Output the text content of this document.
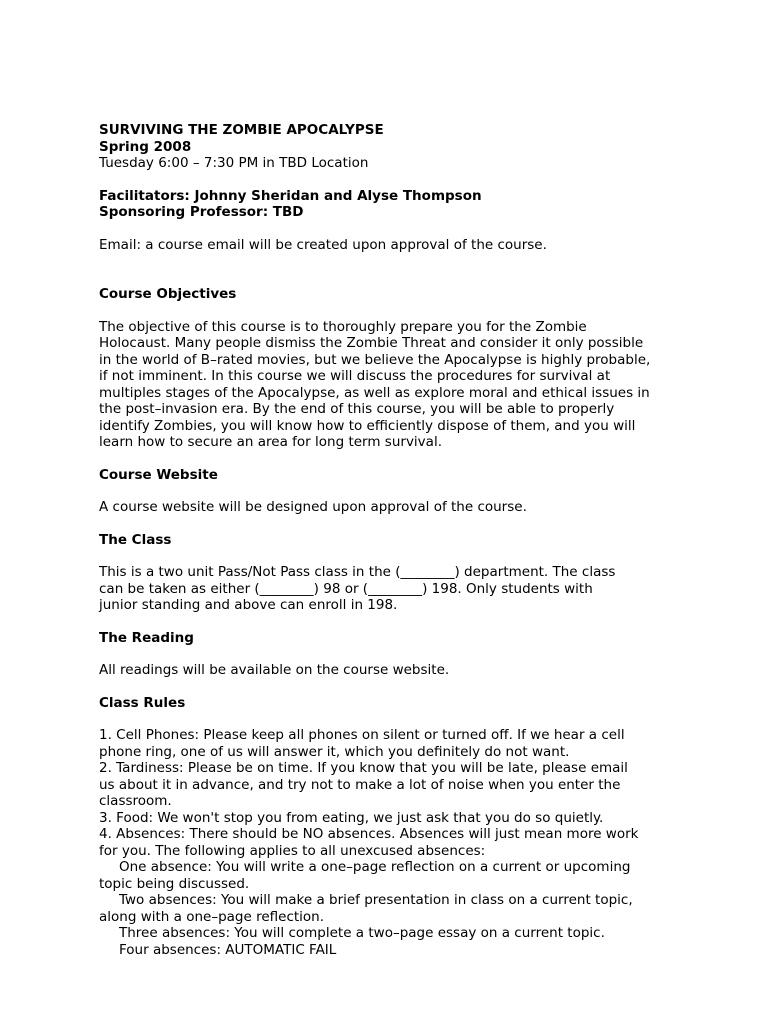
SURVIVING THE ZOMBIE APOCALYPSE

Spring 2008

Tuesday 6:00 – 7:30 PM in TBD Location

Facilitators: Johnny Sheridan and Alyse Thompson

Sponsoring Professor: TBD

Email: a course email will be created upon approval of the course.

Course Objectives

The objective of this course is to thoroughly prepare you for the Zombie

Holocaust. Many people dismiss the Zombie Threat and consider it only possible

in the world of B–rated movies, but we believe the Apocalypse is highly probable,

if not imminent. In this course we will discuss the procedures for survival at

multiples stages of the Apocalypse, as well as explore moral and ethical issues in

the post–invasion era. By the end of this course, you will be able to properly

identify Zombies, you will know how to efficiently dispose of them, and you will

learn how to secure an area for long term survival.

Course Website

A course website will be designed upon approval of the course.

The Class

This is a two unit Pass/Not Pass class in the (________) department. The class

can be taken as either (________) 98 or (________) 198. Only students with

junior standing and above can enroll in 198.

The Reading

All readings will be available on the course website.

Class Rules

1. Cell Phones: Please keep all phones on silent or turned off. If we hear a cell

phone ring, one of us will answer it, which you definitely do not want.

2. Tardiness: Please be on time. If you know that you will be late, please email

us about it in advance, and try not to make a lot of noise when you enter the

classroom.

3. Food: We won't stop you from eating, we just ask that you do so quietly.

4. Absences: There should be NO absences. Absences will just mean more work

for you. The following applies to all unexcused absences:

One absence: You will write a one–page reflection on a current or upcoming

topic being discussed.

Two absences: You will make a brief presentation in class on a current topic,

along with a one–page reflection.

Three absences: You will complete a two–page essay on a current topic.

Four absences: AUTOMATIC FAIL
